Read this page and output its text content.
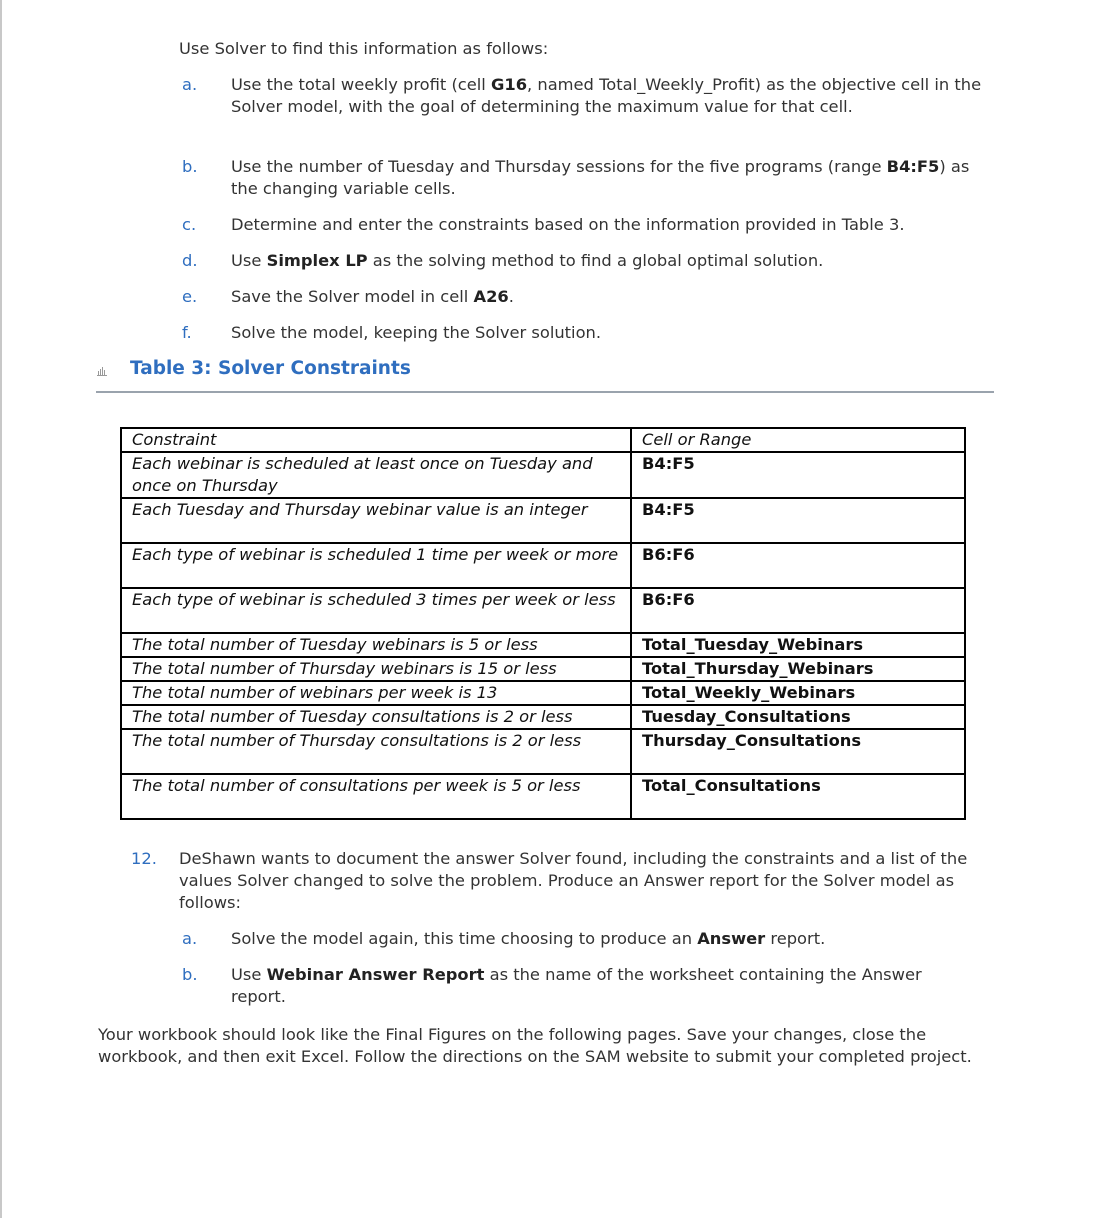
Use Solver to find this information as follows:
a. Use the total weekly profit (cell G16, named Total_Weekly_Profit) as the objective cell in the Solver model, with the goal of determining the maximum value for that cell.
b. Use the number of Tuesday and Thursday sessions for the five programs (range B4:F5) as the changing variable cells.
c. Determine and enter the constraints based on the information provided in Table 3.
d. Use Simplex LP as the solving method to find a global optimal solution.
e. Save the Solver model in cell A26.
f. Solve the model, keeping the Solver solution.
Table 3: Solver Constraints
Constraint	Cell or Range
Each webinar is scheduled at least once on Tuesday and once on Thursday	B4:F5
Each Tuesday and Thursday webinar value is an integer	B4:F5
Each type of webinar is scheduled 1 time per week or more	B6:F6
Each type of webinar is scheduled 3 times per week or less	B6:F6
The total number of Tuesday webinars is 5 or less	Total_Tuesday_Webinars
The total number of Thursday webinars is 15 or less	Total_Thursday_Webinars
The total number of webinars per week is 13	Total_Weekly_Webinars
The total number of Tuesday consultations is 2 or less	Tuesday_Consultations
The total number of Thursday consultations is 2 or less	Thursday_Consultations
The total number of consultations per week is 5 or less	Total_Consultations
12. DeShawn wants to document the answer Solver found, including the constraints and a list of the values Solver changed to solve the problem. Produce an Answer report for the Solver model as follows:
a. Solve the model again, this time choosing to produce an Answer report.
b. Use Webinar Answer Report as the name of the worksheet containing the Answer report.
Your workbook should look like the Final Figures on the following pages. Save your changes, close the workbook, and then exit Excel. Follow the directions on the SAM website to submit your completed project.
